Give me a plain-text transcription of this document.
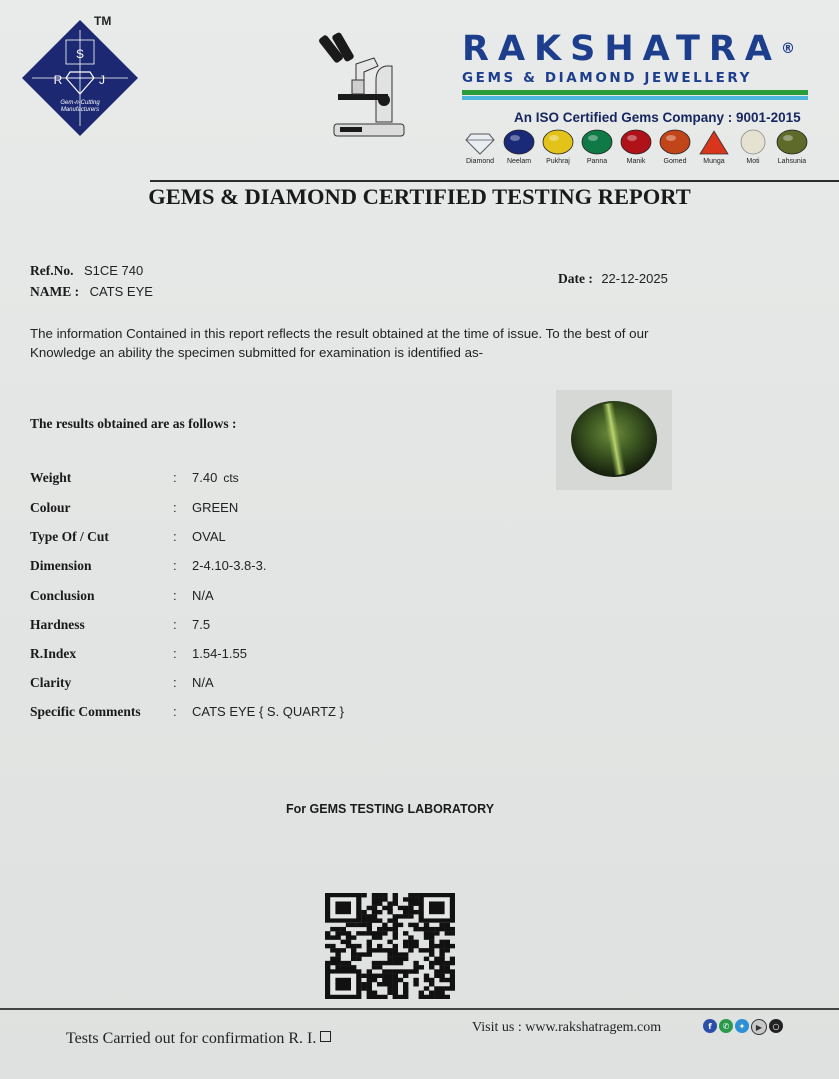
TM
S
R	J
Gem-n-Cutting
Manufacturers
RAKSHATRA®
GEMS & DIAMOND JEWELLERY
An ISO Certified Gems Company : 9001-2015
Diamond Neelam Pukhraj Panna	Manik	Gomed Munga	Moti	Lahsunia
GEMS & DIAMOND CERTIFIED TESTING REPORT
Ref.No. S1CE 740
NAME : CATS EYE
Date : 22-12-2025
The information Contained in this report reflects the result obtained at the time of issue. To the best of our
Knowledge an ability the specimen submitted for examination is identified as-
The results obtained are as follows :
Weight	: 7.40 cts
Colour	: GREEN
Type Of / Cut	: OVAL
Dimension	: 2-4.10-3.8-3.
Conclusion	: N/A
Hardness	: 7.5
R.Index	: 1.54-1.55
Clarity	: N/A
Specific Comments : CATS EYE { S. QUARTZ }
For GEMS TESTING LABORATORY
Tests Carried out for confirmation R. I.
Visit us : www.rakshatragem.com	f	✆	✦	▶	○
